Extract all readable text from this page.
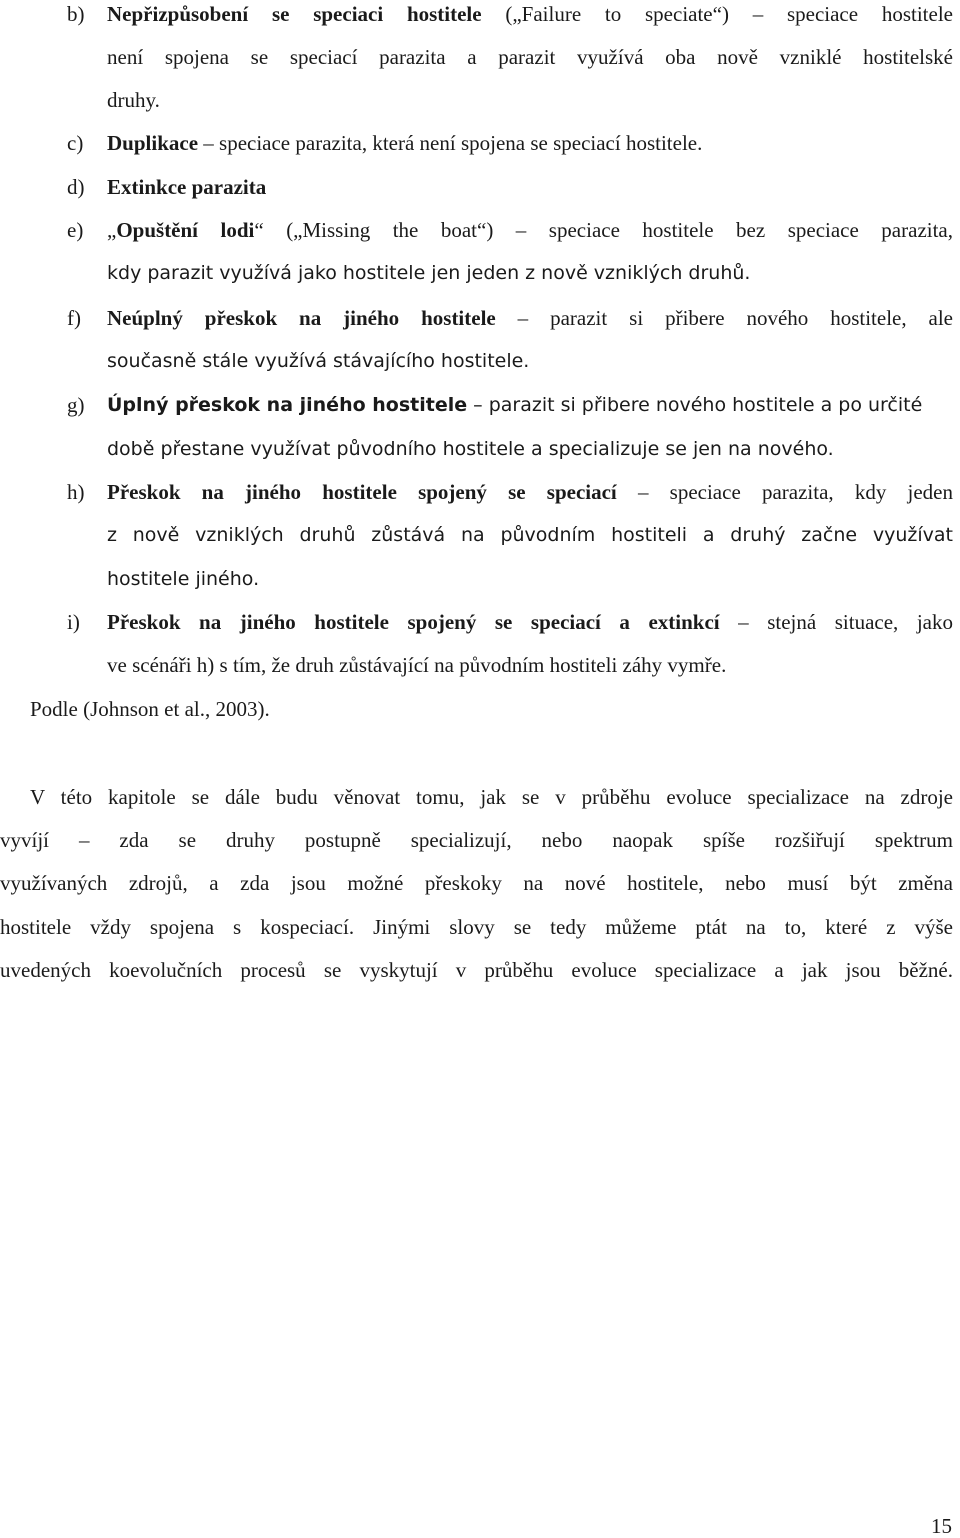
b)	Nepřizpůsobení se speciaci hostitele („Failure to speciate“) – speciace hostitele
není spojena se speciací parazita a parazit využívá oba nově vzniklé hostitelské
druhy.
c)	Duplikace – speciace parazita, která není spojena se speciací hostitele.
d)	Extinkce parazita
e)	„Opuštění lodi“ („Missing the boat“) – speciace hostitele bez speciace parazita,
kdy parazit využívá jako hostitele jen jeden z nově vzniklých druhů.
f)	Neúplný přeskok na jiného hostitele – parazit si přibere nového hostitele, ale
současně stále využívá stávajícího hostitele.
g)	Úplný přeskok na jiného hostitele – parazit si přibere nového hostitele a po určité
době přestane využívat původního hostitele a specializuje se jen na nového.
h)	Přeskok na jiného hostitele spojený se speciací – speciace parazita, kdy jeden
z nově vzniklých druhů zůstává na původním hostiteli a druhý začne využívat
hostitele jiného.
i)	Přeskok na jiného hostitele spojený se speciací a extinkcí – stejná situace, jako
ve scénáři h) s tím, že druh zůstávající na původním hostiteli záhy vymře.
Podle (Johnson et al., 2003).
V této kapitole se dále budu věnovat tomu, jak se v průběhu evoluce specializace na zdroje
vyvíjí – zda se druhy postupně specializují, nebo naopak spíše rozšiřují spektrum
využívaných zdrojů, a zda jsou možné přeskoky na nové hostitele, nebo musí být změna
hostitele vždy spojena s kospeciací. Jinými slovy se tedy můžeme ptát na to, které z výše
uvedených koevolučních procesů se vyskytují v průběhu evoluce specializace a jak jsou běžné.
15
